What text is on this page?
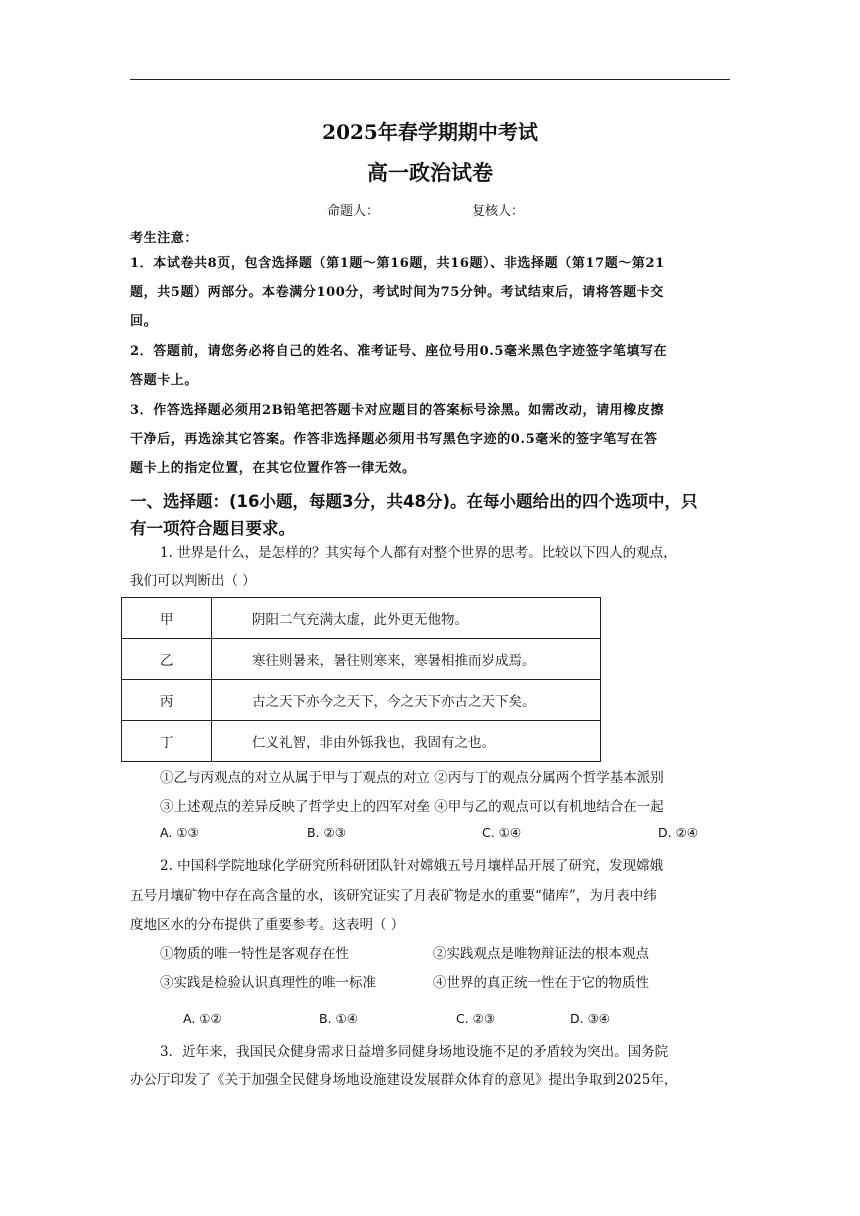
2025年春学期期中考试
高一政治试卷
命题人：	复核人：
考生注意：
1．本试卷共8页，包含选择题（第1题～第16题，共16题）、非选择题（第17题～第21
题，共5题）两部分。本卷满分100分，考试时间为75分钟。考试结束后，请将答题卡交
回。
2．答题前，请您务必将自己的姓名、准考证号、座位号用0.5毫米黑色字迹签字笔填写在
答题卡上。
3．作答选择题必须用2B铅笔把答题卡对应题目的答案标号涂黑。如需改动，请用橡皮擦
干净后，再选涂其它答案。作答非选择题必须用书写黑色字迹的0.5毫米的签字笔写在答
题卡上的指定位置，在其它位置作答一律无效。
一、选择题：(16小题，每题3分，共48分)。在每小题给出的四个选项中，只
有一项符合题目要求。
1. 世界是什么，是怎样的？其实每个人都有对整个世界的思考。比较以下四人的观点，
我们可以判断出（ ）
甲	阴阳二气充满太虚，此外更无他物。
乙	寒往则暑来，暑往则寒来，寒暑相推而岁成焉。
丙	古之天下亦今之天下，今之天下亦古之天下矣。
丁	仁义礼智，非由外铄我也，我固有之也。
①乙与丙观点的对立从属于甲与丁观点的对立 ②丙与丁的观点分属两个哲学基本派别
③上述观点的差异反映了哲学史上的四军对垒 ④甲与乙的观点可以有机地结合在一起
A. ①③	B. ②③	C. ①④	D. ②④
2. 中国科学院地球化学研究所科研团队针对嫦娥五号月壤样品开展了研究，发现嫦娥
五号月壤矿物中存在高含量的水，该研究证实了月表矿物是水的重要“储库”，为月表中纬
度地区水的分布提供了重要参考。这表明（ ）
①物质的唯一特性是客观存在性	②实践观点是唯物辩证法的根本观点
③实践是检验认识真理性的唯一标准	④世界的真正统一性在于它的物质性
A. ①②	B. ①④	C. ②③	D. ③④
3．近年来，我国民众健身需求日益增多同健身场地设施不足的矛盾较为突出。国务院
办公厅印发了《关于加强全民健身场地设施建设发展群众体育的意见》提出争取到2025年，
